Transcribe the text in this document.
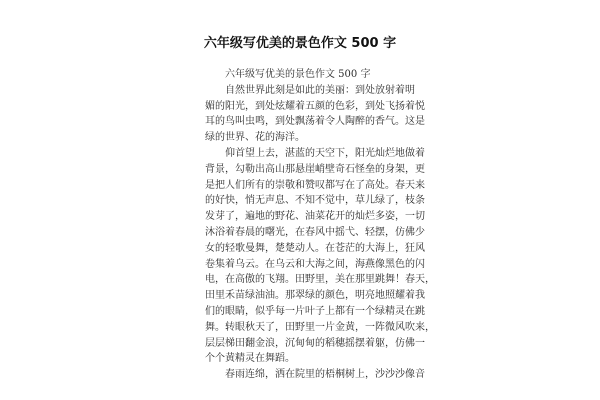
六年级写优美的景色作文 500 字
六年级写优美的景色作文 500 字
自然世界此刻是如此的美丽：到处放射着明
媚的阳光，到处炫耀着五颜的色彩，到处飞扬着悦
耳的鸟叫虫鸣，到处飘荡着令人陶醉的香气。这是
绿的世界、花的海洋。
仰首望上去，湛蓝的天空下，阳光灿烂地做着
背景，勾勒出高山那悬崖峭壁奇石怪垒的身架，更
是把人们所有的崇敬和赞叹都写在了高处。春天来
的好快，悄无声息、不知不觉中，草儿绿了，枝条
发芽了，遍地的野花、油菜花开的灿烂多姿，一切
沐浴着春晨的曙光，在春风中摇弋、轻摆，仿佛少
女的轻歌曼舞，楚楚动人。在苍茫的大海上，狂风
卷集着乌云。在乌云和大海之间，海燕像黑色的闪
电，在高傲的飞翔。田野里，美在那里跳舞！春天，
田里禾苗绿油油。那翠绿的颜色，明亮地照耀着我
们的眼睛，似乎每一片叶子上都有一个绿精灵在跳
舞。转眼秋天了，田野里一片金黄，一阵微风吹来，
层层梯田翻金浪，沉甸甸的稻穗摇摆着躯，仿佛一
个个黄精灵在舞蹈。
春雨连绵，洒在院里的梧桐树上，沙沙沙像音
